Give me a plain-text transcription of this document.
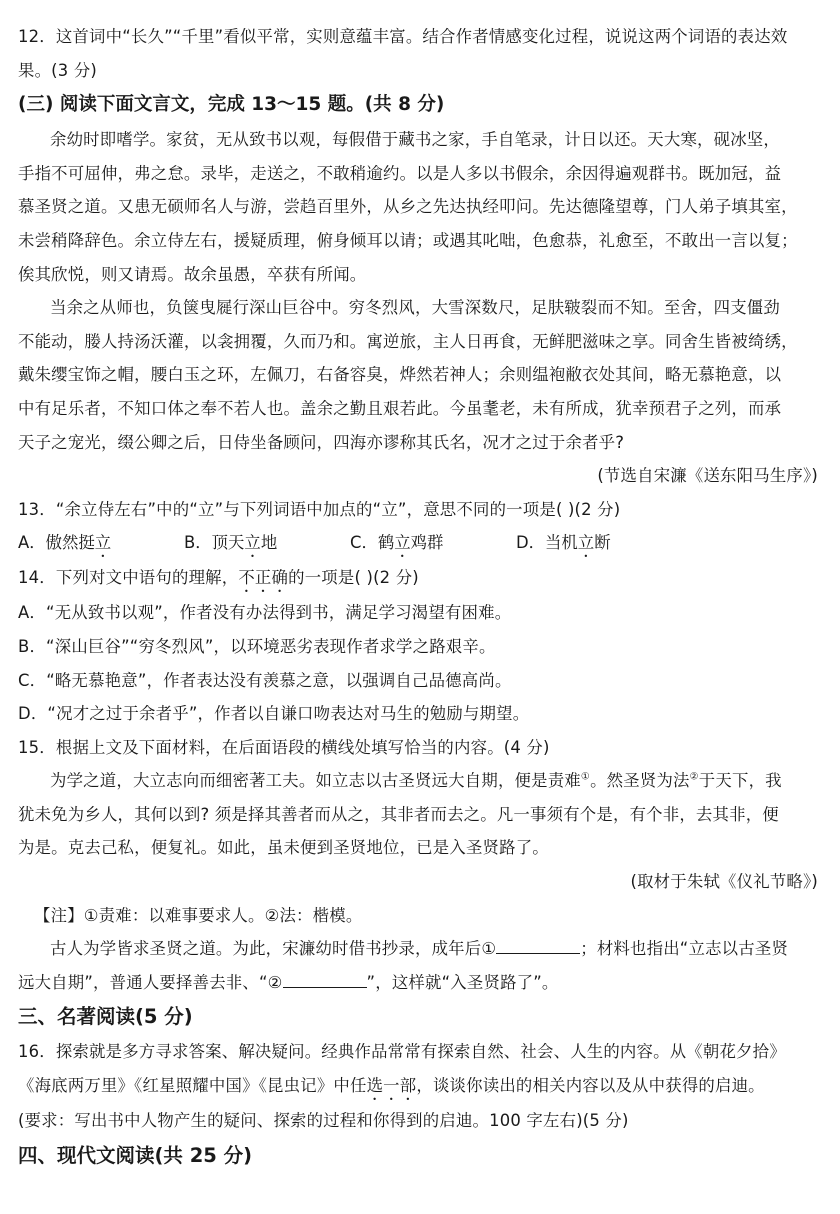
12．这首词中“长久”“千里”看似平常，实则意蕴丰富。结合作者情感变化过程，说说这两个词语的表达效
果。(3 分)
(三) 阅读下面文言文，完成 13～15 题。(共 8 分)
余幼时即嗜学。家贫，无从致书以观，每假借于藏书之家，手自笔录，计日以还。天大寒，砚冰坚，
手指不可屈伸，弗之怠。录毕，走送之，不敢稍逾约。以是人多以书假余，余因得遍观群书。既加冠，益
慕圣贤之道。又患无硕师名人与游，尝趋百里外，从乡之先达执经叩问。先达德隆望尊，门人弟子填其室，
未尝稍降辞色。余立侍左右，援疑质理，俯身倾耳以请；或遇其叱咄，色愈恭，礼愈至，不敢出一言以复；
俟其欣悦，则又请焉。故余虽愚，卒获有所闻。
当余之从师也，负箧曳屣行深山巨谷中。穷冬烈风，大雪深数尺，足肤皲裂而不知。至舍，四支僵劲
不能动，媵人持汤沃灌，以衾拥覆，久而乃和。寓逆旅，主人日再食，无鲜肥滋味之享。同舍生皆被绮绣，
戴朱缨宝饰之帽，腰白玉之环，左佩刀，右备容臭，烨然若神人；余则缊袍敝衣处其间，略无慕艳意，以
中有足乐者，不知口体之奉不若人也。盖余之勤且艰若此。今虽耄老，未有所成，犹幸预君子之列，而承
天子之宠光，缀公卿之后，日侍坐备顾问，四海亦谬称其氏名，况才之过于余者乎?
(节选自宋濂《送东阳马生序》)
13．“余立侍左右”中的“立”与下列词语中加点的“立”，意思不同的一项是( )(2 分)
A．傲然挺立	B．顶天立地	C．鹤立鸡群	D．当机立断
14．下列对文中语句的理解，不正确的一项是( )(2 分)
A．“无从致书以观”，作者没有办法得到书，满足学习渴望有困难。
B．“深山巨谷”“穷冬烈风”，以环境恶劣表现作者求学之路艰辛。
C．“略无慕艳意”，作者表达没有羡慕之意，以强调自己品德高尚。
D．“况才之过于余者乎”，作者以自谦口吻表达对马生的勉励与期望。
15．根据上文及下面材料，在后面语段的横线处填写恰当的内容。(4 分)
为学之道，大立志向而细密著工夫。如立志以古圣贤远大自期，便是责难①。然圣贤为法②于天下，我
犹未免为乡人，其何以到? 须是择其善者而从之，其非者而去之。凡一事须有个是，有个非，去其非，便
为是。克去己私，便复礼。如此，虽未便到圣贤地位，已是入圣贤路了。
(取材于朱轼《仪礼节略》)
【注】①责难：以难事要求人。②法：楷模。
古人为学皆求圣贤之道。为此，宋濂幼时借书抄录，成年后①	；材料也指出“立志以古圣贤
远大自期”，普通人要择善去非、“②	”，这样就“入圣贤路了”。
三、名著阅读(5 分)
16．探索就是多方寻求答案、解决疑问。经典作品常常有探索自然、社会、人生的内容。从《朝花夕拾》
《海底两万里》《红星照耀中国》《昆虫记》中任选一部，谈谈你读出的相关内容以及从中获得的启迪。
(要求：写出书中人物产生的疑问、探索的过程和你得到的启迪。100 字左右)(5 分)
四、现代文阅读(共 25 分)
